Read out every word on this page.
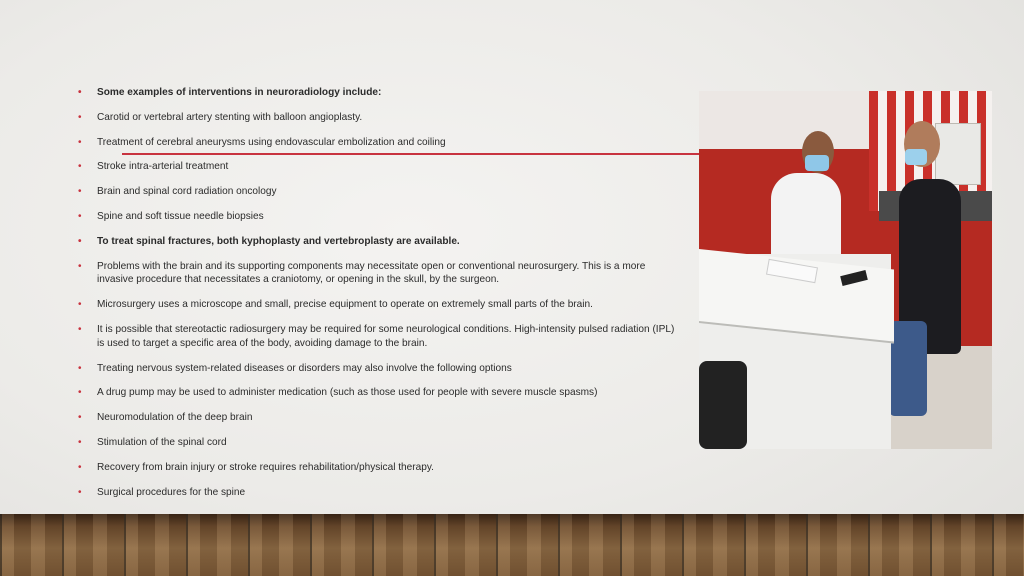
• Some examples of interventions in neuroradiology include:
• Carotid or vertebral artery stenting with balloon angioplasty.
• Treatment of cerebral aneurysms using endovascular embolization and coiling
• Stroke intra-arterial treatment
• Brain and spinal cord radiation oncology
• Spine and soft tissue needle biopsies
• To treat spinal fractures, both kyphoplasty and vertebroplasty are available.
• Problems with the brain and its supporting components may necessitate open or conventional neurosurgery. This is a more invasive procedure that necessitates a craniotomy, or opening in the skull, by the surgeon.
• Microsurgery uses a microscope and small, precise equipment to operate on extremely small parts of the brain.
• It is possible that stereotactic radiosurgery may be required for some neurological conditions. High-intensity pulsed radiation (IPL) is used to target a specific area of the body, avoiding damage to the brain.
• Treating nervous system-related diseases or disorders may also involve the following options
• A drug pump may be used to administer medication (such as those used for people with severe muscle spasms)
• Neuromodulation of the deep brain
• Stimulation of the spinal cord
• Recovery from brain injury or stroke requires rehabilitation/physical therapy.
• Surgical procedures for the spine
